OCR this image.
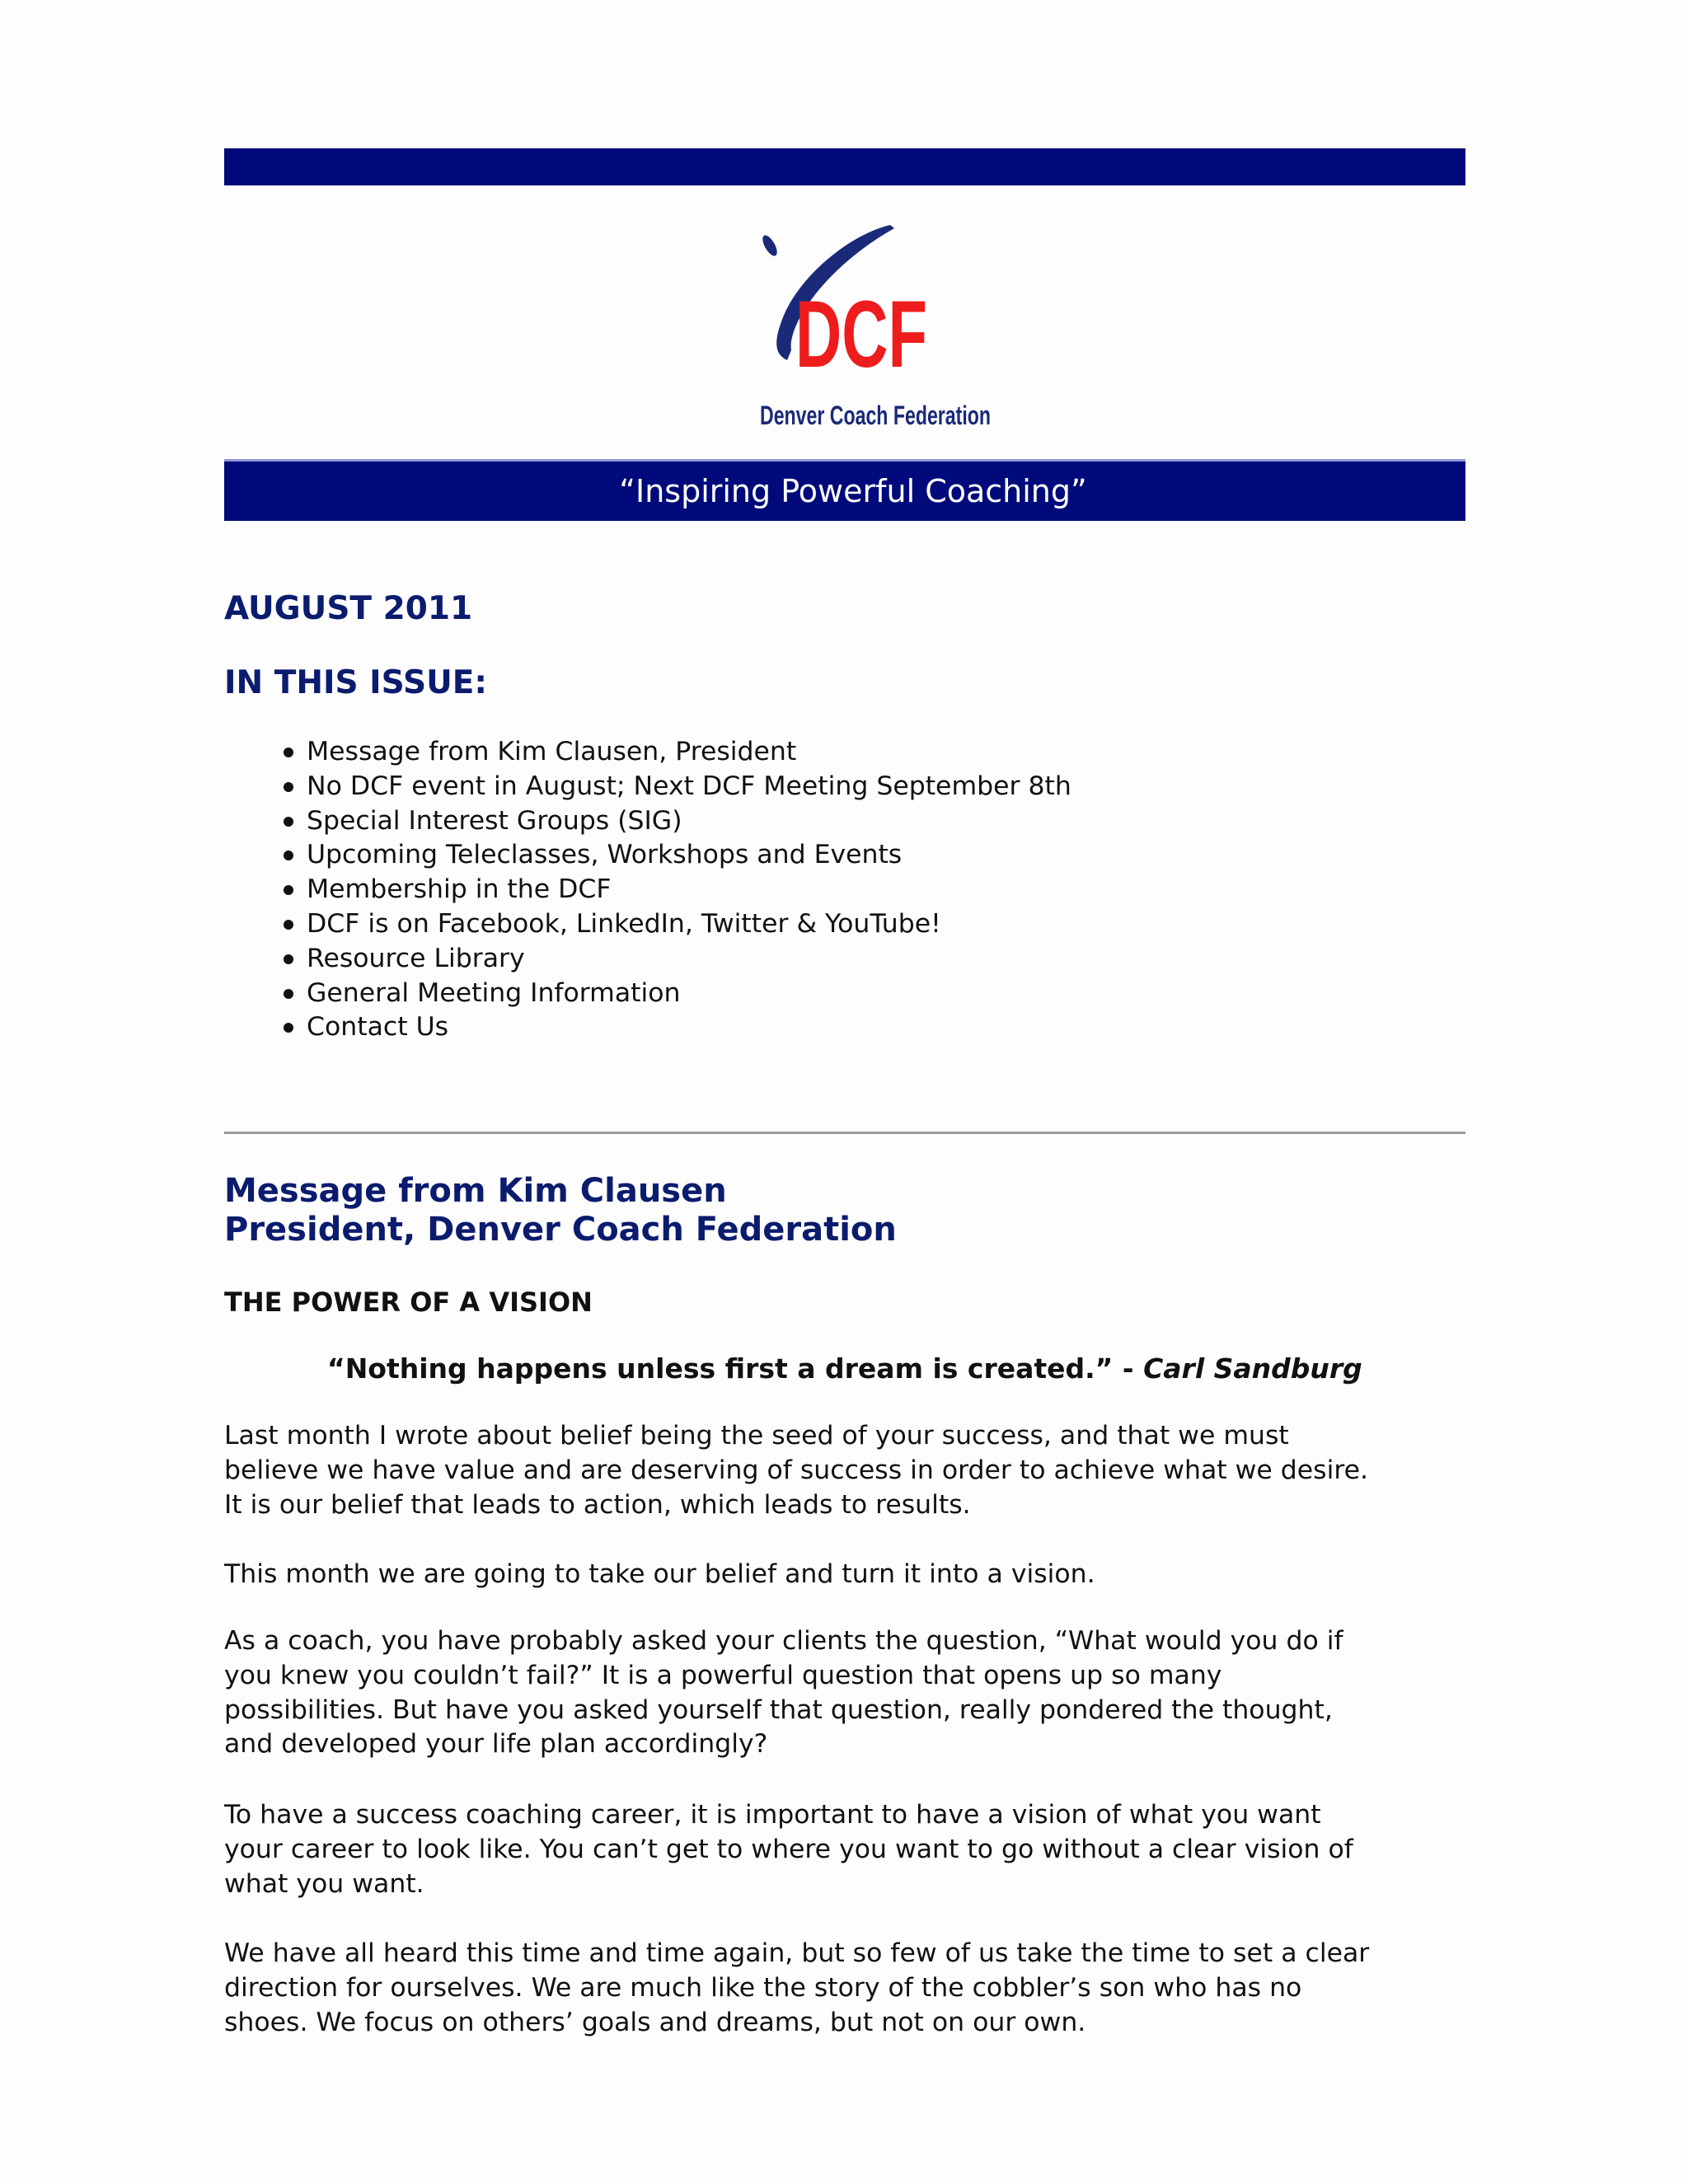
DCF
Denver Coach Federation
“Inspiring Powerful Coaching”
AUGUST 2011
IN THIS ISSUE:
Message from Kim Clausen, President
No DCF event in August; Next DCF Meeting September 8th
Special Interest Groups (SIG)
Upcoming Teleclasses, Workshops and Events
Membership in the DCF
DCF is on Facebook, LinkedIn, Twitter & YouTube!
Resource Library
General Meeting Information
Contact Us
Message from Kim Clausen
President, Denver Coach Federation
THE POWER OF A VISION
“Nothing happens unless first a dream is created.” - Carl Sandburg
Last month I wrote about belief being the seed of your success, and that we must
believe we have value and are deserving of success in order to achieve what we desire.
It is our belief that leads to action, which leads to results.
This month we are going to take our belief and turn it into a vision.
As a coach, you have probably asked your clients the question, “What would you do if
you knew you couldn’t fail?” It is a powerful question that opens up so many
possibilities. But have you asked yourself that question, really pondered the thought,
and developed your life plan accordingly?
To have a success coaching career, it is important to have a vision of what you want
your career to look like. You can’t get to where you want to go without a clear vision of
what you want.
We have all heard this time and time again, but so few of us take the time to set a clear
direction for ourselves. We are much like the story of the cobbler’s son who has no
shoes. We focus on others’ goals and dreams, but not on our own.
